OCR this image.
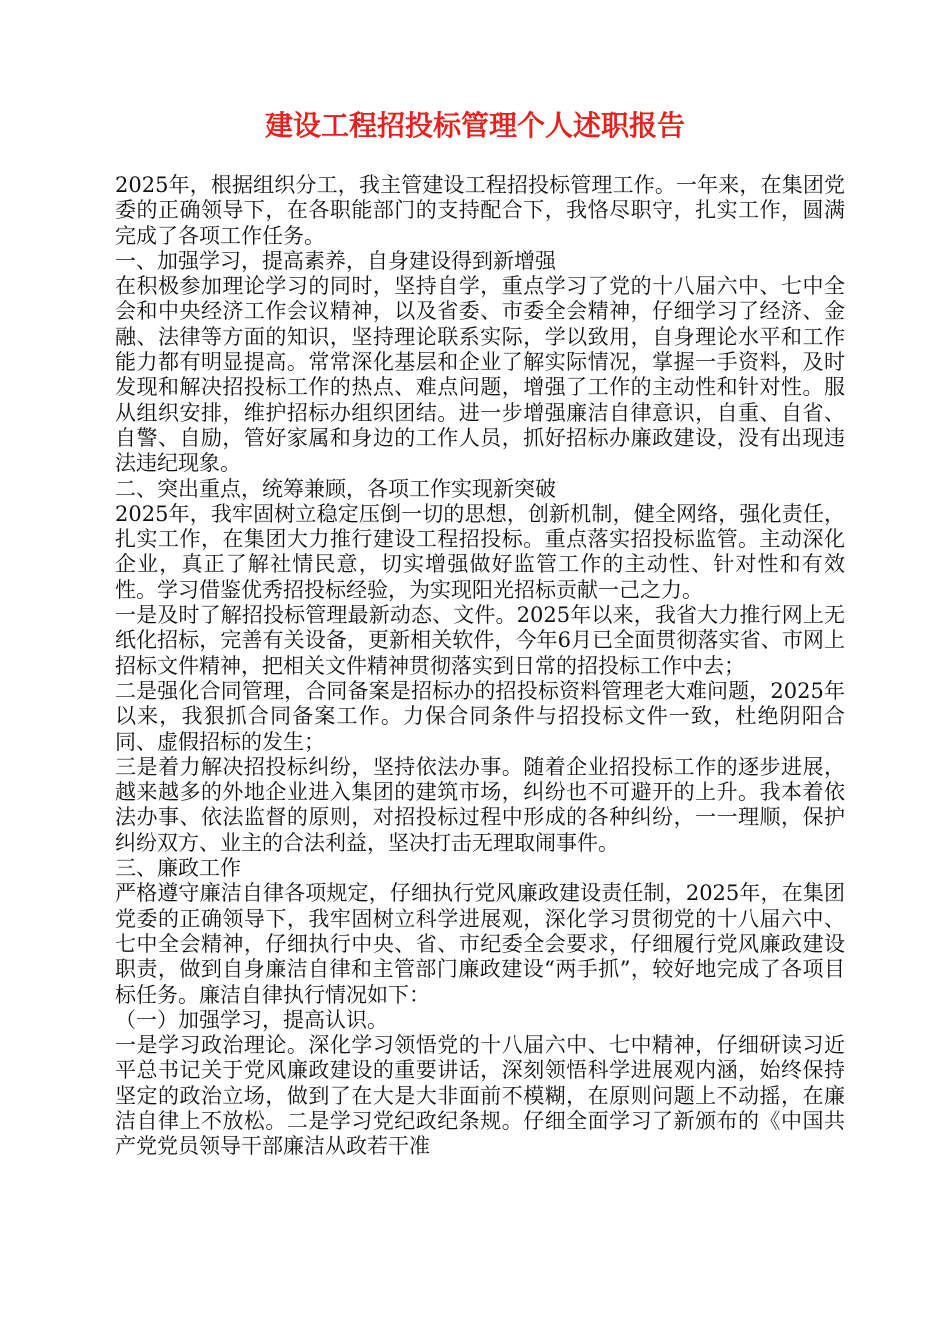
建设工程招投标管理个人述职报告

2025年，根据组织分工，我主管建设工程招投标管理工作。一年来，在集团党委的正确领导下，在各职能部门的支持配合下，我恪尽职守，扎实工作，圆满完成了各项工作任务。

一、加强学习，提高素养，自身建设得到新增强

在积极参加理论学习的同时，坚持自学，重点学习了党的十八届六中、七中全会和中央经济工作会议精神，以及省委、市委全会精神，仔细学习了经济、金融、法律等方面的知识，坚持理论联系实际，学以致用，自身理论水平和工作能力都有明显提高。常常深化基层和企业了解实际情况，掌握一手资料，及时发现和解决招投标工作的热点、难点问题，增强了工作的主动性和针对性。服从组织安排，维护招标办组织团结。进一步增强廉洁自律意识，自重、自省、自警、自励，管好家属和身边的工作人员，抓好招标办廉政建设，没有出现违法违纪现象。

二、突出重点，统筹兼顾，各项工作实现新突破

2025年，我牢固树立稳定压倒一切的思想，创新机制，健全网络，强化责任，扎实工作，在集团大力推行建设工程招投标。重点落实招投标监管。主动深化企业，真正了解社情民意，切实增强做好监管工作的主动性、针对性和有效性。学习借鉴优秀招投标经验，为实现阳光招标贡献一己之力。

一是及时了解招投标管理最新动态、文件。2025年以来，我省大力推行网上无纸化招标，完善有关设备，更新相关软件，今年6月已全面贯彻落实省、市网上招标文件精神，把相关文件精神贯彻落实到日常的招投标工作中去；

二是强化合同管理，合同备案是招标办的招投标资料管理老大难问题，2025年以来，我狠抓合同备案工作。力保合同条件与招投标文件一致，杜绝阴阳合同、虚假招标的发生；

三是着力解决招投标纠纷，坚持依法办事。随着企业招投标工作的逐步进展，越来越多的外地企业进入集团的建筑市场，纠纷也不可避开的上升。我本着依法办事、依法监督的原则，对招投标过程中形成的各种纠纷，一一理顺，保护纠纷双方、业主的合法利益，坚决打击无理取闹事件。

三、廉政工作

严格遵守廉洁自律各项规定，仔细执行党风廉政建设责任制，2025年，在集团党委的正确领导下，我牢固树立科学进展观，深化学习贯彻党的十八届六中、七中全会精神，仔细执行中央、省、市纪委全会要求，仔细履行党风廉政建设职责，做到自身廉洁自律和主管部门廉政建设“两手抓”，较好地完成了各项目标任务。廉洁自律执行情况如下：

（一）加强学习，提高认识。

一是学习政治理论。深化学习领悟党的十八届六中、七中精神，仔细研读习近平总书记关于党风廉政建设的重要讲话，深刻领悟科学进展观内涵，始终保持坚定的政治立场，做到了在大是大非面前不模糊，在原则问题上不动摇，在廉洁自律上不放松。二是学习党纪政纪条规。仔细全面学习了新颁布的《中国共产党党员领导干部廉洁从政若干准
